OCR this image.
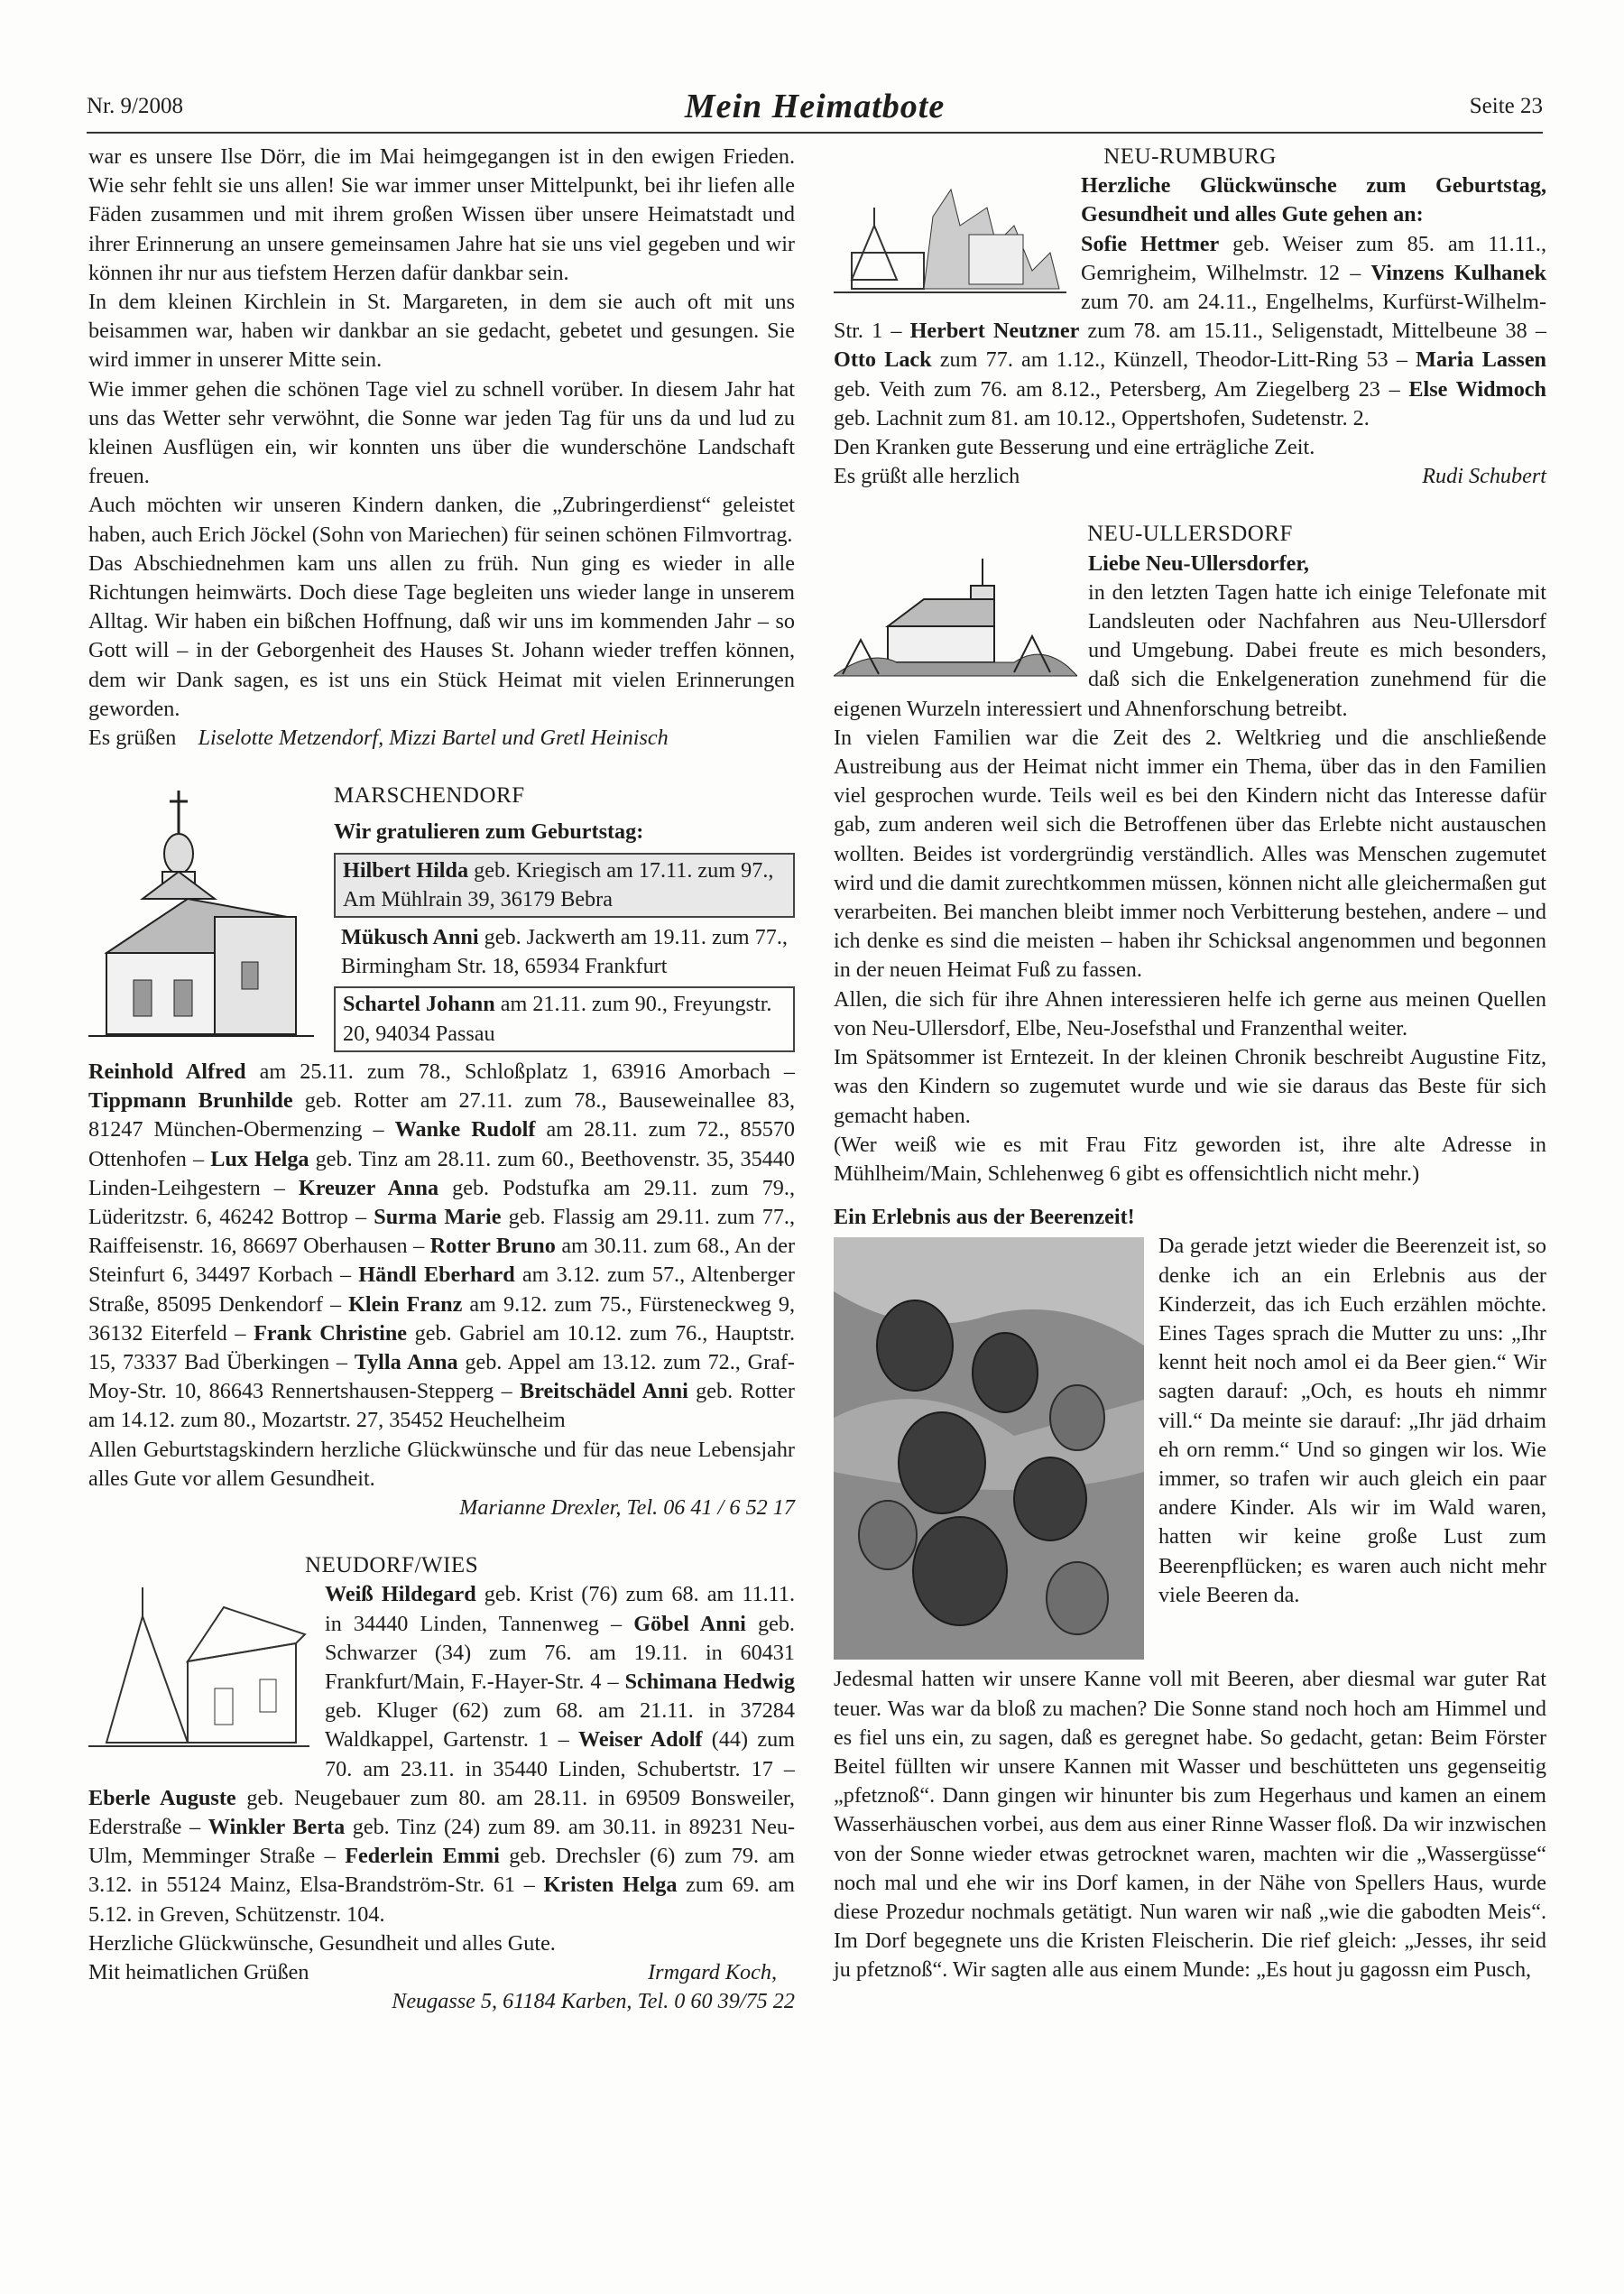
Nr. 9/2008	Mein Heimatbote	Seite 23

war es unsere Ilse Dörr, die im Mai heimgegangen ist in den ewigen Frieden. Wie sehr fehlt sie uns allen! Sie war immer unser Mittelpunkt, bei ihr liefen alle Fäden zusammen und mit ihrem großen Wissen über unsere Heimatstadt und ihrer Erinnerung an unsere gemeinsamen Jahre hat sie uns viel gegeben und wir können ihr nur aus tiefstem Herzen dafür dankbar sein.

In dem kleinen Kirchlein in St. Margareten, in dem sie auch oft mit uns beisammen war, haben wir dankbar an sie gedacht, gebetet und gesungen. Sie wird immer in unserer Mitte sein.

Wie immer gehen die schönen Tage viel zu schnell vorüber. In diesem Jahr hat uns das Wetter sehr verwöhnt, die Sonne war jeden Tag für uns da und lud zu kleinen Ausflügen ein, wir konnten uns über die wunderschöne Landschaft freuen.

Auch möchten wir unseren Kindern danken, die „Zubringerdienst“ geleistet haben, auch Erich Jöckel (Sohn von Mariechen) für seinen schönen Filmvortrag.

Das Abschiednehmen kam uns allen zu früh. Nun ging es wieder in alle Richtungen heimwärts. Doch diese Tage begleiten uns wieder lange in unserem Alltag. Wir haben ein bißchen Hoffnung, daß wir uns im kommenden Jahr – so Gott will – in der Geborgenheit des Hauses St. Johann wieder treffen können, dem wir Dank sagen, es ist uns ein Stück Heimat mit vielen Erinnerungen geworden.

Es grüßen Liselotte Metzendorf, Mizzi Bartel und Gretl Heinisch

MARSCHENDORF
Wir gratulieren zum Geburtstag:
Hilbert Hilda geb. Kriegisch am 17.11. zum 97., Am Mühlrain 39, 36179 Bebra
Mükusch Anni geb. Jackwerth am 19.11. zum 77., Birmingham Str. 18, 65934 Frankfurt
Schartel Johann am 21.11. zum 90., Freyungstr. 20, 94034 Passau

Reinhold Alfred am 25.11. zum 78., Schloßplatz 1, 63916 Amorbach – Tippmann Brunhilde geb. Rotter am 27.11. zum 78., Bauseweinallee 83, 81247 München-Obermenzing – Wanke Rudolf am 28.11. zum 72., 85570 Ottenhofen – Lux Helga geb. Tinz am 28.11. zum 60., Beethovenstr. 35, 35440 Linden-Leihgestern – Kreuzer Anna geb. Podstufka am 29.11. zum 79., Lüderitzstr. 6, 46242 Bottrop – Surma Marie geb. Flassig am 29.11. zum 77., Raiffeisenstr. 16, 86697 Oberhausen – Rotter Bruno am 30.11. zum 68., An der Steinfurt 6, 34497 Korbach – Händl Eberhard am 3.12. zum 57., Altenberger Straße, 85095 Denkendorf – Klein Franz am 9.12. zum 75., Fürsteneckweg 9, 36132 Eiterfeld – Frank Christine geb. Gabriel am 10.12. zum 76., Hauptstr. 15, 73337 Bad Überkingen – Tylla Anna geb. Appel am 13.12. zum 72., Graf-Moy-Str. 10, 86643 Rennertshausen-Stepperg – Breitschädel Anni geb. Rotter am 14.12. zum 80., Mozartstr. 27, 35452 Heuchelheim

Allen Geburtstagskindern herzliche Glückwünsche und für das neue Lebensjahr alles Gute vor allem Gesundheit.

Marianne Drexler, Tel. 06 41 / 6 52 17

NEUDORF/WIES

Weiß Hildegard geb. Krist (76) zum 68. am 11.11. in 34440 Linden, Tannenweg – Göbel Anni geb. Schwarzer (34) zum 76. am 19.11. in 60431 Frankfurt/Main, F.-Hayer-Str. 4 – Schimana Hedwig geb. Kluger (62) zum 68. am 21.11. in 37284 Waldkappel, Gartenstr. 1 – Weiser Adolf (44) zum 70. am 23.11. in 35440 Linden, Schubertstr. 17 – Eberle Auguste geb. Neugebauer zum 80. am 28.11. in 69509 Bonsweiler, Ederstraße – Winkler Berta geb. Tinz (24) zum 89. am 30.11. in 89231 Neu-Ulm, Memminger Straße – Federlein Emmi geb. Drechsler (6) zum 79. am 3.12. in 55124 Mainz, Elsa-Brandström-Str. 61 – Kristen Helga zum 69. am 5.12. in Greven, Schützenstr. 104.

Herzliche Glückwünsche, Gesundheit und alles Gute.

Mit heimatlichen Grüßen	Irmgard Koch,

Neugasse 5, 61184 Karben, Tel. 0 60 39/75 22

NEU-RUMBURG

Herzliche Glückwünsche zum Geburtstag, Gesundheit und alles Gute gehen an:

Sofie Hettmer geb. Weiser zum 85. am 11.11., Gemrigheim, Wilhelmstr. 12 – Vinzens Kulhanek zum 70. am 24.11., Engelhelms, Kurfürst-Wilhelm-Str. 1 – Herbert Neutzner zum 78. am 15.11., Seligenstadt, Mittelbeune 38 – Otto Lack zum 77. am 1.12., Künzell, Theodor-Litt-Ring 53 – Maria Lassen geb. Veith zum 76. am 8.12., Petersberg, Am Ziegelberg 23 – Else Widmoch geb. Lachnit zum 81. am 10.12., Oppertshofen, Sudetenstr. 2.

Den Kranken gute Besserung und eine erträgliche Zeit.

Es grüßt alle herzlich	Rudi Schubert

NEU-ULLERSDORF

Liebe Neu-Ullersdorfer,

in den letzten Tagen hatte ich einige Telefonate mit Landsleuten oder Nachfahren aus Neu-Ullersdorf und Umgebung. Dabei freute es mich besonders, daß sich die Enkelgeneration zunehmend für die eigenen Wurzeln interessiert und Ahnenforschung betreibt.

In vielen Familien war die Zeit des 2. Weltkrieg und die anschließende Austreibung aus der Heimat nicht immer ein Thema, über das in den Familien viel gesprochen wurde. Teils weil es bei den Kindern nicht das Interesse dafür gab, zum anderen weil sich die Betroffenen über das Erlebte nicht austauschen wollten. Beides ist vordergründig verständlich. Alles was Menschen zugemutet wird und die damit zurechtkommen müssen, können nicht alle gleichermaßen gut verarbeiten. Bei manchen bleibt immer noch Verbitterung bestehen, andere – und ich denke es sind die meisten – haben ihr Schicksal angenommen und begonnen in der neuen Heimat Fuß zu fassen.

Allen, die sich für ihre Ahnen interessieren helfe ich gerne aus meinen Quellen von Neu-Ullersdorf, Elbe, Neu-Josefsthal und Franzenthal weiter.

Im Spätsommer ist Erntezeit. In der kleinen Chronik beschreibt Augustine Fitz, was den Kindern so zugemutet wurde und wie sie daraus das Beste für sich gemacht haben.

(Wer weiß wie es mit Frau Fitz geworden ist, ihre alte Adresse in Mühlheim/Main, Schlehenweg 6 gibt es offensichtlich nicht mehr.)

Ein Erlebnis aus der Beerenzeit!

Da gerade jetzt wieder die Beerenzeit ist, so denke ich an ein Erlebnis aus der Kinderzeit, das ich Euch erzählen möchte. Eines Tages sprach die Mutter zu uns: „Ihr kennt heit noch amol ei da Beer gien.“ Wir sagten darauf: „Och, es houts eh nimmr vill.“ Da meinte sie darauf: „Ihr jäd drhaim eh orn remm.“ Und so gingen wir los. Wie immer, so trafen wir auch gleich ein paar andere Kinder. Als wir im Wald waren, hatten wir keine große Lust zum Beerenpflücken; es waren auch nicht mehr viele Beeren da.

Jedesmal hatten wir unsere Kanne voll mit Beeren, aber diesmal war guter Rat teuer. Was war da bloß zu machen? Die Sonne stand noch hoch am Himmel und es fiel uns ein, zu sagen, daß es geregnet habe. So gedacht, getan: Beim Förster Beitel füllten wir unsere Kannen mit Wasser und beschütteten uns gegenseitig „pfetznoß“. Dann gingen wir hinunter bis zum Hegerhaus und kamen an einem Wasserhäuschen vorbei, aus dem aus einer Rinne Wasser floß. Da wir inzwischen von der Sonne wieder etwas getrocknet waren, machten wir die „Wassergüsse“ noch mal und ehe wir ins Dorf kamen, in der Nähe von Spellers Haus, wurde diese Prozedur nochmals getätigt. Nun waren wir naß „wie die gabodten Meis“. Im Dorf begegnete uns die Kristen Fleischerin. Die rief gleich: „Jesses, ihr seid ju pfetznoß“. Wir sagten alle aus einem Munde: „Es hout ju gagossn eim Pusch,
